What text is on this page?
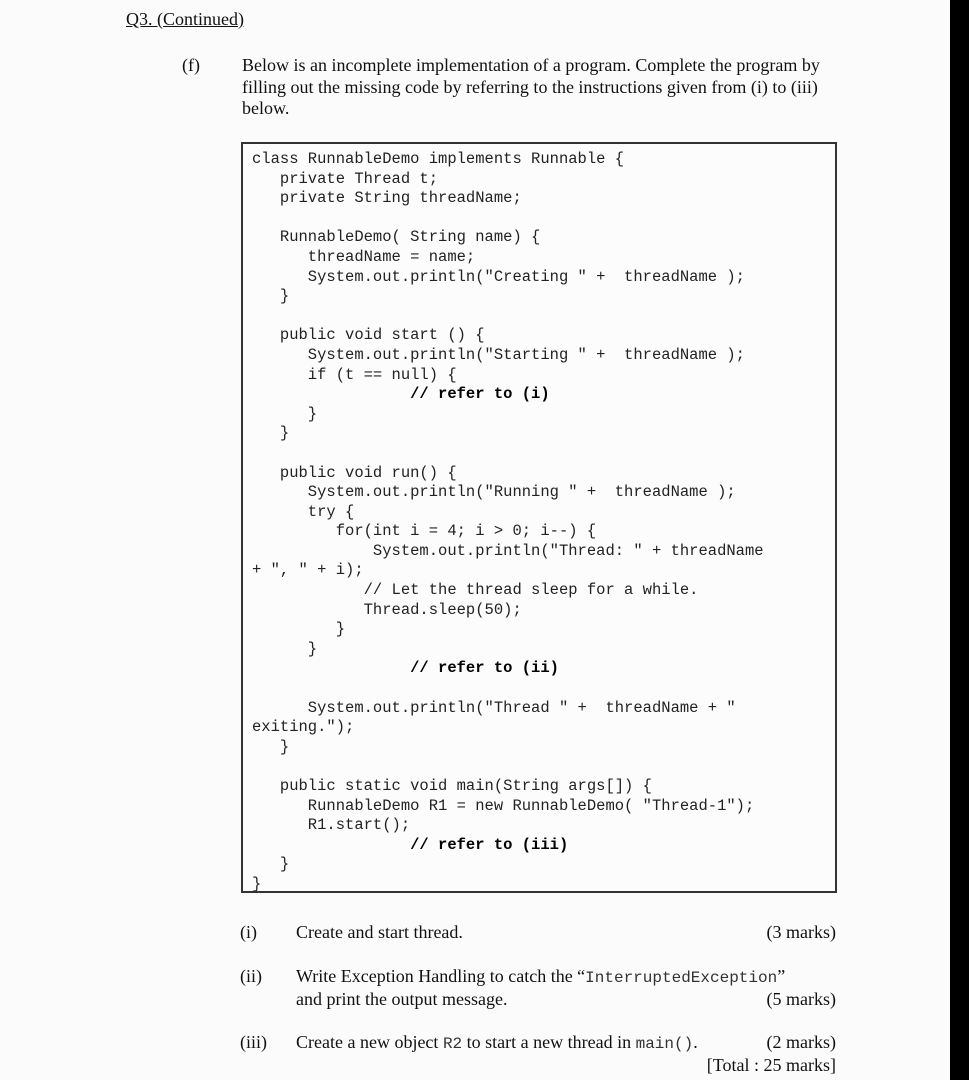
Q3. (Continued)
(f) Below is an incomplete implementation of a program. Complete the program by filling out the missing code by referring to the instructions given from (i) to (iii) below.
class RunnableDemo implements Runnable {
private Thread t;
private String threadName;

RunnableDemo( String name) {
threadName = name;
System.out.println("Creating " +  threadName );
}

public void start () {
System.out.println("Starting " +  threadName );
if (t == null) {
// refer to (i)
}
}

public void run() {
System.out.println("Running " +  threadName );
try {
for(int i = 4; i > 0; i--) {
System.out.println("Thread: " + threadName
+ ", " + i);
// Let the thread sleep for a while.
Thread.sleep(50);
}
}
// refer to (ii)

System.out.println("Thread " +  threadName + "
exiting.");
}

public static void main(String args[]) {
RunnableDemo R1 = new RunnableDemo( "Thread-1");
R1.start();
// refer to (iii)
}
}

(i) Create and start thread.	(3 marks)
(ii) Write Exception Handling to catch the “InterruptedException”
and print the output message.	(5 marks)
(iii) Create a new object R2 to start a new thread in main().	(2 marks)
[Total : 25 marks]
